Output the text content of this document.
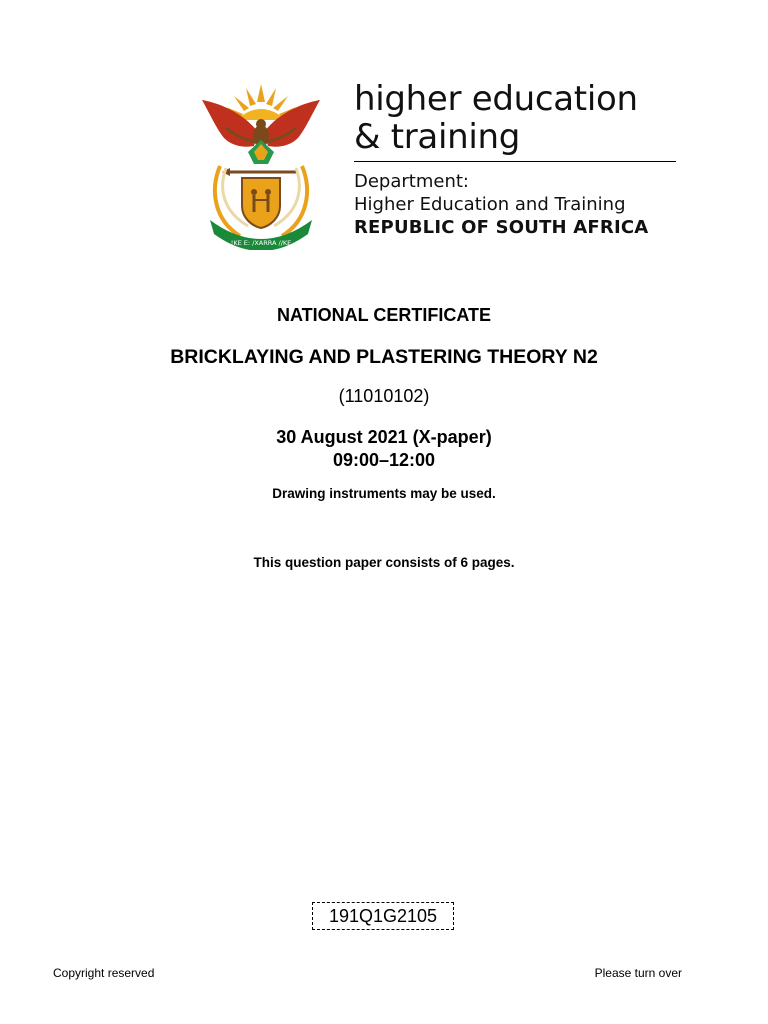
!KE E: /XARRA //KE
higher education
& training
Department:
Higher Education and Training
REPUBLIC OF SOUTH AFRICA
NATIONAL CERTIFICATE
BRICKLAYING AND PLASTERING THEORY N2
(11010102)
30 August 2021 (X-paper)
09:00–12:00
Drawing instruments may be used.
This question paper consists of 6 pages.
191Q1G2105
Copyright reserved	Please turn over
